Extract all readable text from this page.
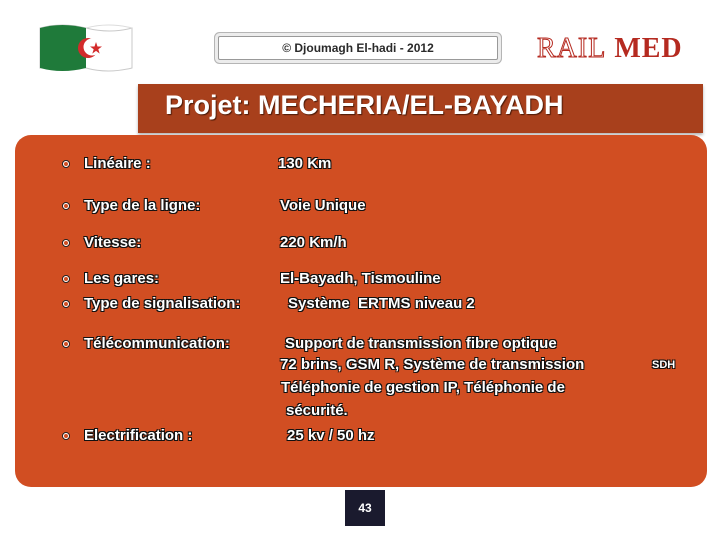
© Djoumagh El-hadi - 2012	RAIL MED
Projet: MECHERIA/EL-BAYADH
Linéaire :	130 Km
Type de la ligne:	Voie Unique
Vitesse:	220 Km/h
Les gares:	El-Bayadh, Tismouline
Type de signalisation:	Système  ERTMS niveau 2
Télécommunication:	Support de transmission fibre optique
72 brins, GSM R, Système de transmission	SDH
Téléphonie de gestion IP, Téléphonie de
sécurité.
Electrification :	25 kv / 50 hz
43
